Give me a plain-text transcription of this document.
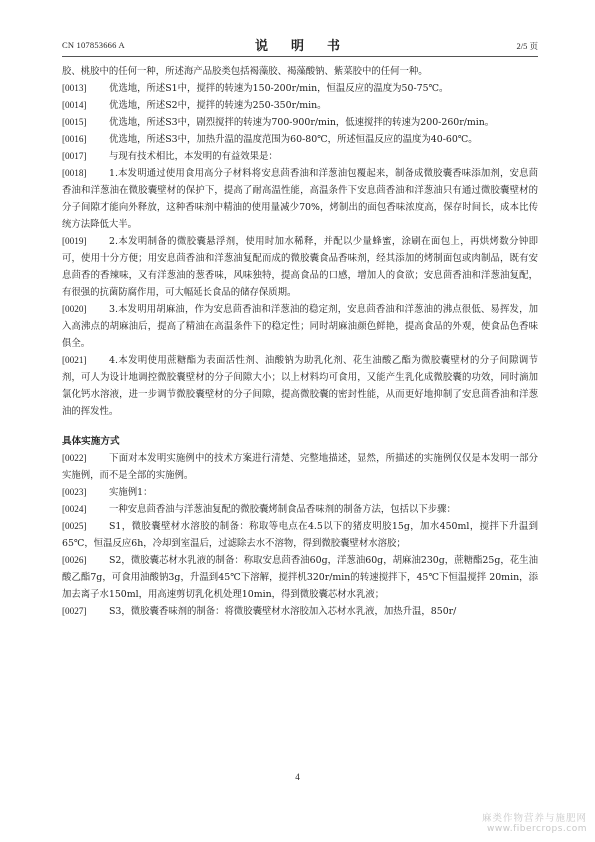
CN 107853666 A	说　明　书	2/5 页
胶、桃胶中的任何一种，所述海产品胶类包括褐藻胶、褐藻酸钠、紫菜胶中的任何一种。
[0013] 优选地，所述S1中，搅拌的转速为150-200r/min，恒温反应的温度为50-75℃。
[0014] 优选地，所述S2中，搅拌的转速为250-350r/min。
[0015] 优选地，所述S3中，剧烈搅拌的转速为700-900r/min，低速搅拌的转速为200-260r/min。
[0016] 优选地，所述S3中，加热升温的温度范围为60-80℃，所述恒温反应的温度为40-60℃。
[0017] 与现有技术相比，本发明的有益效果是：
[0018] 1.本发明通过使用食用高分子材料将安息茴香油和洋葱油包覆起来，制备成微胶囊香味添加剂，安息茴香油和洋葱油在微胶囊壁材的保护下，提高了耐高温性能，高温条件下安息茴香油和洋葱油只有通过微胶囊壁材的分子间隙才能向外释放，这种香味剂中精油的使用量减少70%，烤制出的面包香味浓度高，保存时间长，成本比传统方法降低大半。
[0019] 2.本发明制备的微胶囊悬浮剂，使用时加水稀释，并配以少量蜂蜜，涂刷在面包上，再烘烤数分钟即可，使用十分方便；用安息茴香油和洋葱油复配而成的微胶囊食品香味剂，经其添加的烤制面包或肉制品，既有安息茴香的香辣味，又有洋葱油的葱香味，风味独特，提高食品的口感，增加人的食欲；安息茴香油和洋葱油复配，有很强的抗菌防腐作用，可大幅延长食品的储存保质期。
[0020] 3.本发明用胡麻油，作为安息茴香油和洋葱油的稳定剂，安息茴香油和洋葱油的沸点很低、易挥发，加入高沸点的胡麻油后，提高了精油在高温条件下的稳定性；同时胡麻油颜色鲜艳，提高食品的外观，使食品色香味俱全。
[0021] 4.本发明使用蔗糖酯为表面活性剂、油酸钠为助乳化剂、花生油酸乙酯为微胶囊壁材的分子间隙调节剂，可人为设计地调控微胶囊壁材的分子间隙大小；以上材料均可食用，又能产生乳化成微胶囊的功效，同时滴加氯化钙水溶液，进一步调节微胶囊壁材的分子间隙，提高微胶囊的密封性能，从而更好地抑制了安息茴香油和洋葱油的挥发性。
具体实施方式
[0022] 下面对本发明实施例中的技术方案进行清楚、完整地描述，显然，所描述的实施例仅仅是本发明一部分实施例，而不是全部的实施例。
[0023] 实施例1：
[0024] 一种安息茴香油与洋葱油复配的微胶囊烤制食品香味剂的制备方法，包括以下步骤：
[0025] S1，微胶囊壁材水溶胶的制备：称取等电点在4.5以下的猪皮明胶15g，加水450ml，搅拌下升温到65℃，恒温反应6h，冷却到室温后，过滤除去水不溶物，得到微胶囊壁材水溶胶；
[0026] S2，微胶囊芯材水乳液的制备：称取安息茴香油60g，洋葱油60g，胡麻油230g，蔗糖酯25g，花生油酸乙酯7g，可食用油酸钠3g，升温到45℃下溶解，搅拌机320r/min的转速搅拌下，45℃下恒温搅拌 20min，添加去离子水150ml，用高速剪切乳化机处理10min，得到微胶囊芯材水乳液；
[0027] S3，微胶囊香味剂的制备：将微胶囊壁材水溶胶加入芯材水乳液，加热升温，850r/
4
麻类作物营养与施肥网
www.fibercrops.com
